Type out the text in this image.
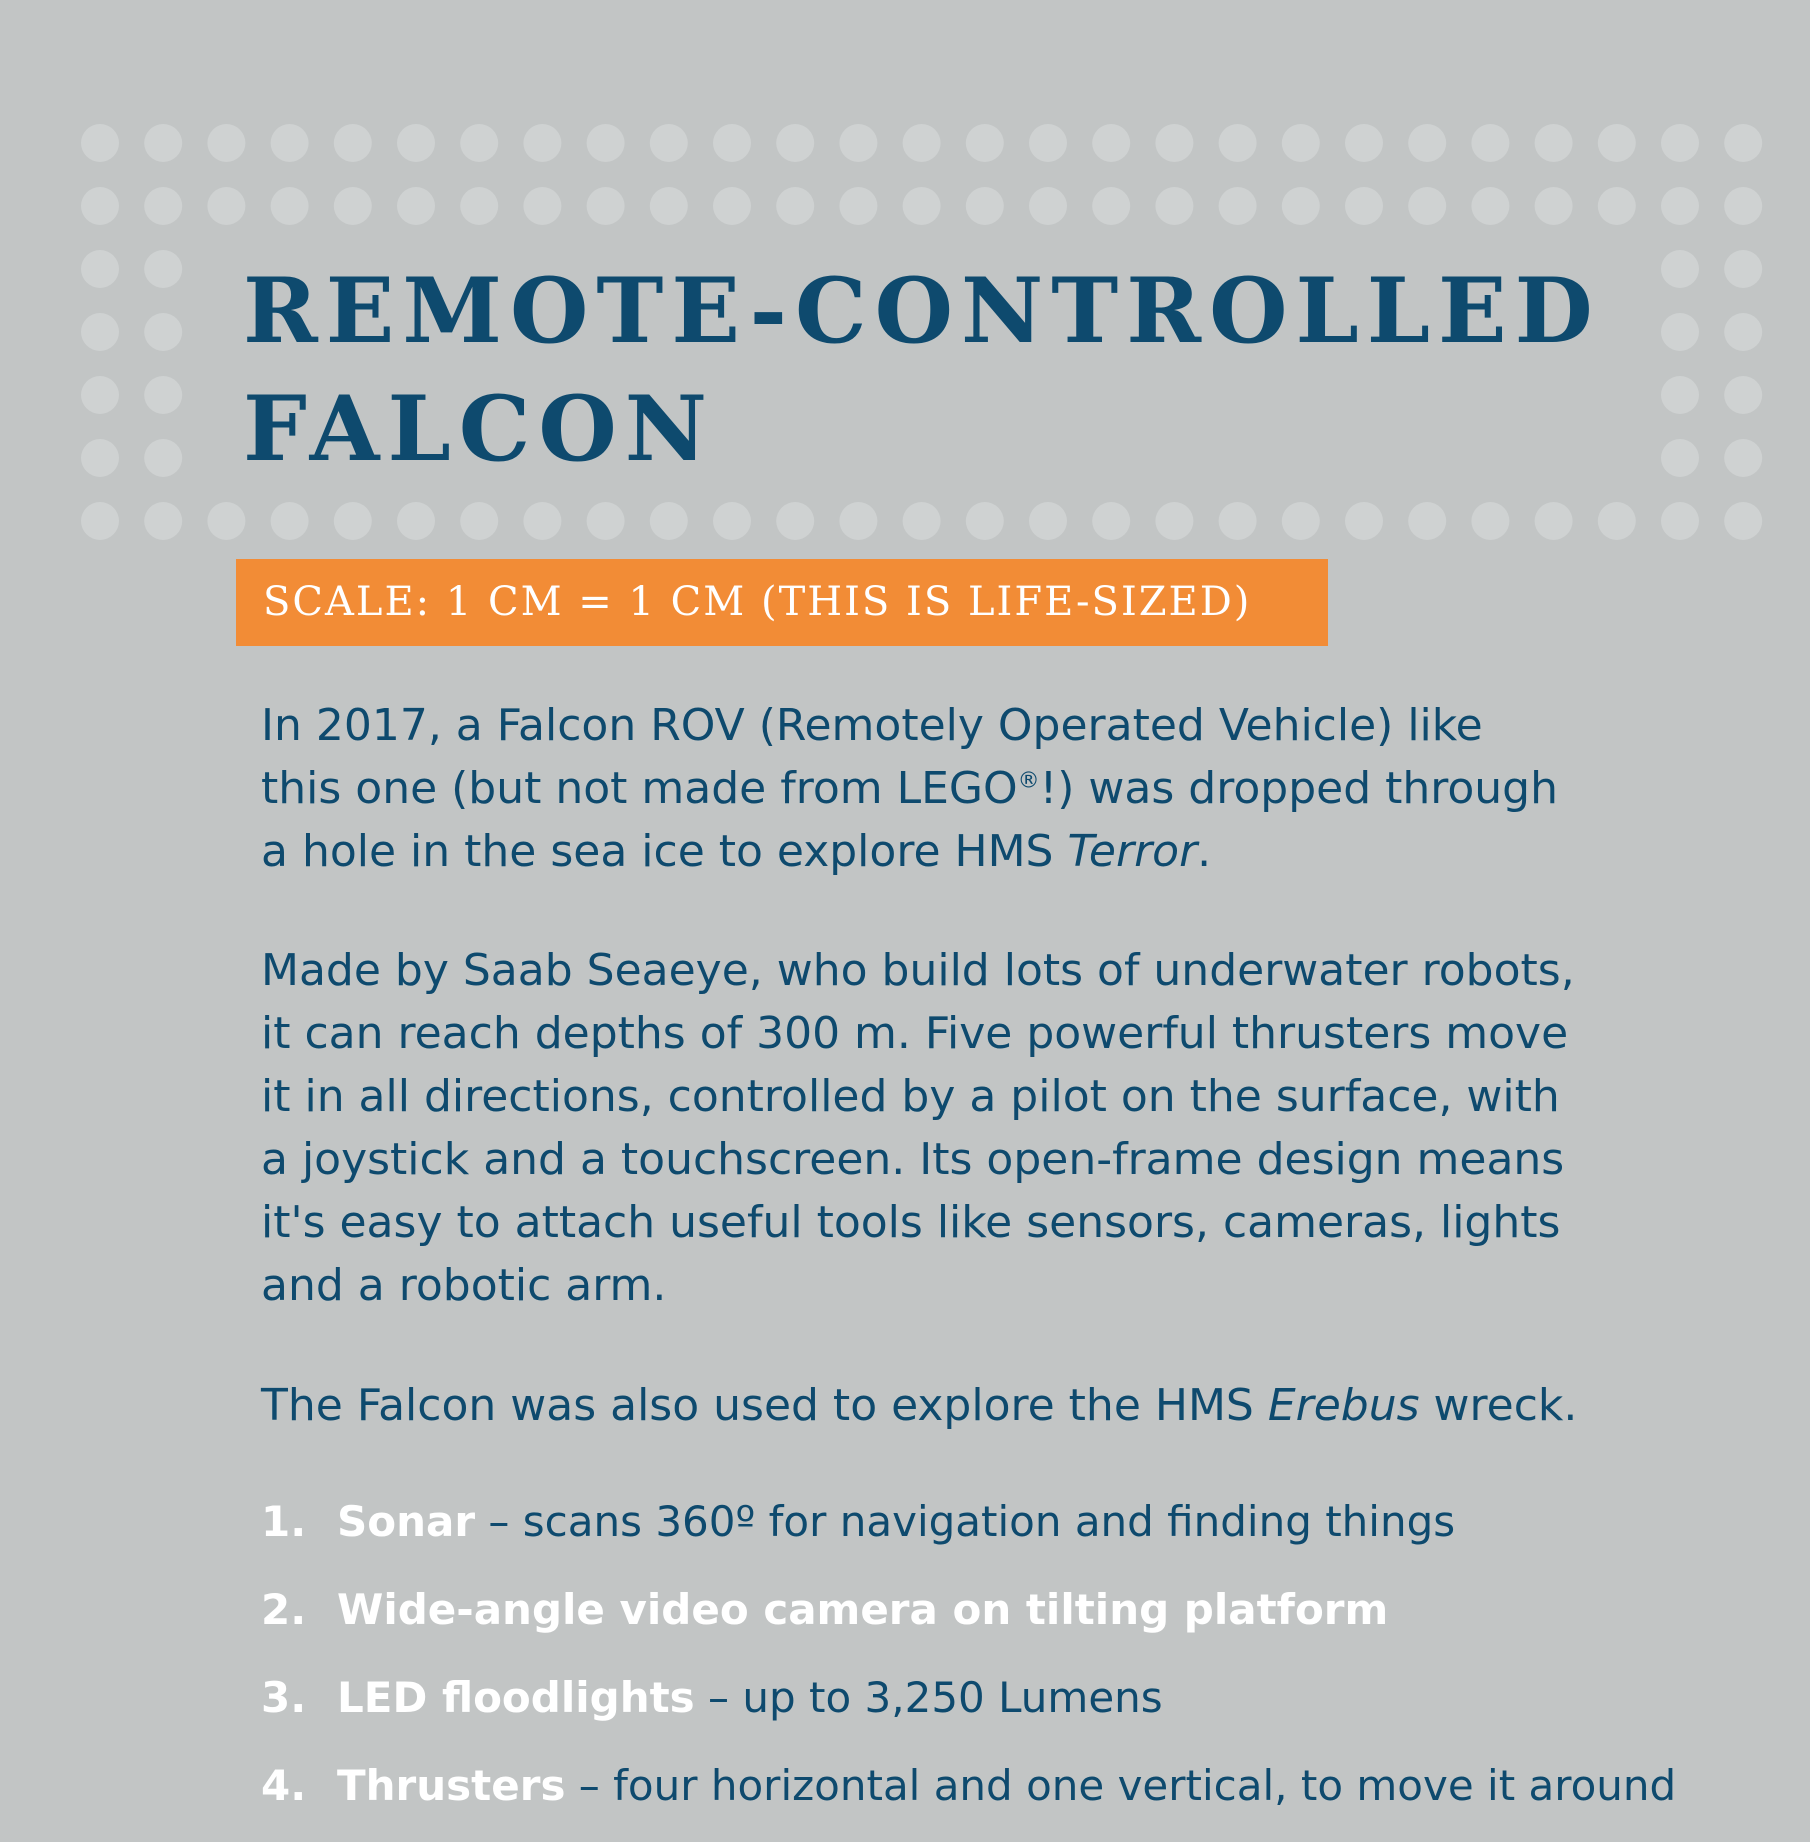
REMOTE-CONTROLLED
FALCON
SCALE: 1 CM = 1 CM (THIS IS LIFE-SIZED)
In 2017, a Falcon ROV (Remotely Operated Vehicle) like
this one (but not made from LEGO®!) was dropped through
a hole in the sea ice to explore HMS Terror.
Made by Saab Seaeye, who build lots of underwater robots,
it can reach depths of 300 m. Five powerful thrusters move
it in all directions, controlled by a pilot on the surface, with
a joystick and a touchscreen. Its open-frame design means
it's easy to attach useful tools like sensors, cameras, lights
and a robotic arm.
The Falcon was also used to explore the HMS Erebus wreck.
1. Sonar – scans 360º for navigation and finding things
2. Wide-angle video camera on tilting platform
3. LED floodlights – up to 3,250 Lumens
4. Thrusters – four horizontal and one vertical, to move it around
